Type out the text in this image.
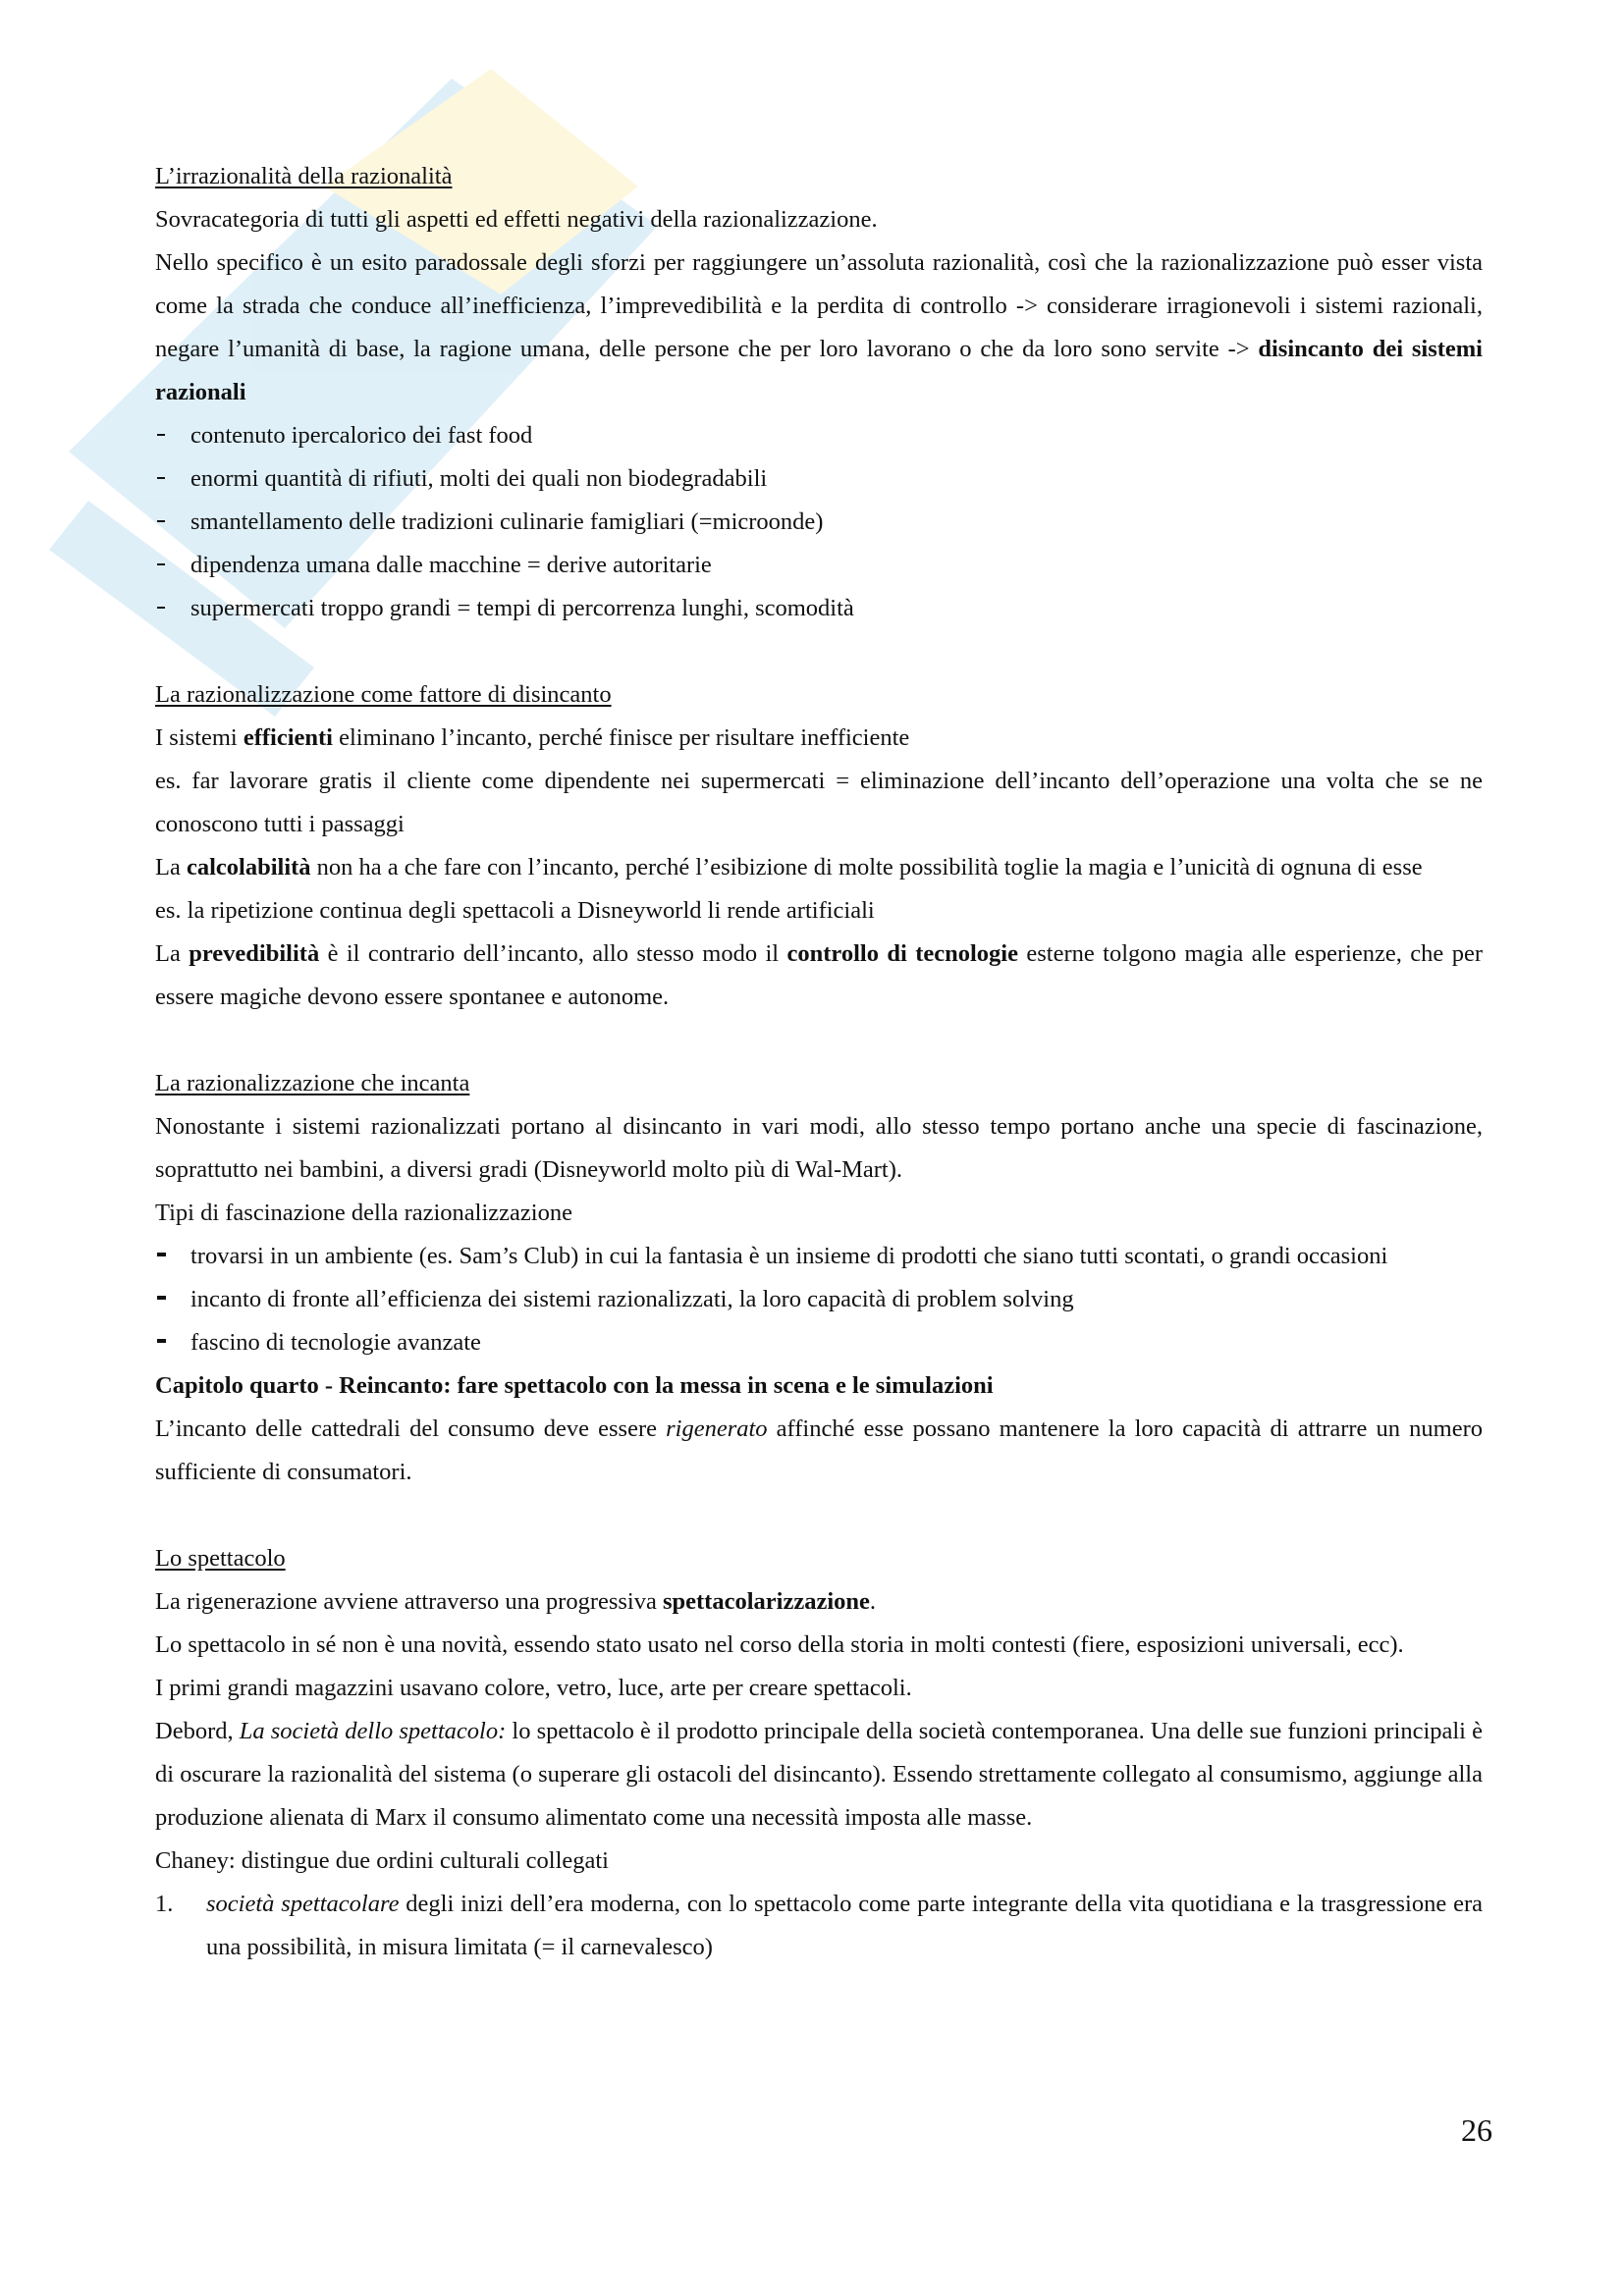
L’irrazionalità della razionalità

Sovracategoria di tutti gli aspetti ed effetti negativi della razionalizzazione.

Nello specifico è un esito paradossale degli sforzi per raggiungere un’assoluta razionalità, così che la razionalizzazione può esser vista come la strada che conduce all’inefficienza, l’imprevedibilità e la perdita di controllo -> considerare irragionevoli i sistemi razionali, negare l’umanità di base, la ragione umana, delle persone che per loro lavorano o che da loro sono servite -> disincanto dei sistemi razionali

contenuto ipercalorico dei fast food
enormi quantità di rifiuti, molti dei quali non biodegradabili
smantellamento delle tradizioni culinarie famigliari (=microonde)
dipendenza umana dalle macchine = derive autoritarie
supermercati troppo grandi = tempi di percorrenza lunghi, scomodità

La razionalizzazione come fattore di disincanto

I sistemi efficienti eliminano l’incanto, perché finisce per risultare inefficiente

es. far lavorare gratis il cliente come dipendente nei supermercati = eliminazione dell’incanto dell’operazione una volta che se ne conoscono tutti i passaggi

La calcolabilità non ha a che fare con l’incanto, perché l’esibizione di molte possibilità toglie la magia e l’unicità di ognuna di esse

es. la ripetizione continua degli spettacoli a Disneyworld li rende artificiali

La prevedibilità è il contrario dell’incanto, allo stesso modo il controllo di tecnologie esterne tolgono magia alle esperienze, che per essere magiche devono essere spontanee e autonome.

La razionalizzazione che incanta

Nonostante i sistemi razionalizzati portano al disincanto in vari modi, allo stesso tempo portano anche una specie di fascinazione, soprattutto nei bambini, a diversi gradi (Disneyworld molto più di Wal-Mart).

Tipi di fascinazione della razionalizzazione

trovarsi in un ambiente (es. Sam’s Club) in cui la fantasia è un insieme di prodotti che siano tutti scontati, o grandi occasioni
incanto di fronte all’efficienza dei sistemi razionalizzati, la loro capacità di problem solving
fascino di tecnologie avanzate

Capitolo quarto - Reincanto: fare spettacolo con la messa in scena e le simulazioni

L’incanto delle cattedrali del consumo deve essere rigenerato affinché esse possano mantenere la loro capacità di attrarre un numero sufficiente di consumatori.

Lo spettacolo

La rigenerazione avviene attraverso una progressiva spettacolarizzazione.

Lo spettacolo in sé non è una novità, essendo stato usato nel corso della storia in molti contesti (fiere, esposizioni universali, ecc).

I primi grandi magazzini usavano colore, vetro, luce, arte per creare spettacoli.

Debord, La società dello spettacolo: lo spettacolo è il prodotto principale della società contemporanea. Una delle sue funzioni principali è di oscurare la razionalità del sistema (o superare gli ostacoli del disincanto). Essendo strettamente collegato al consumismo, aggiunge alla produzione alienata di Marx il consumo alimentato come una necessità imposta alle masse.

Chaney: distingue due ordini culturali collegati

1. società spettacolare degli inizi dell’era moderna, con lo spettacolo come parte integrante della vita quotidiana e la trasgressione era una possibilità, in misura limitata (= il carnevalesco)
26
